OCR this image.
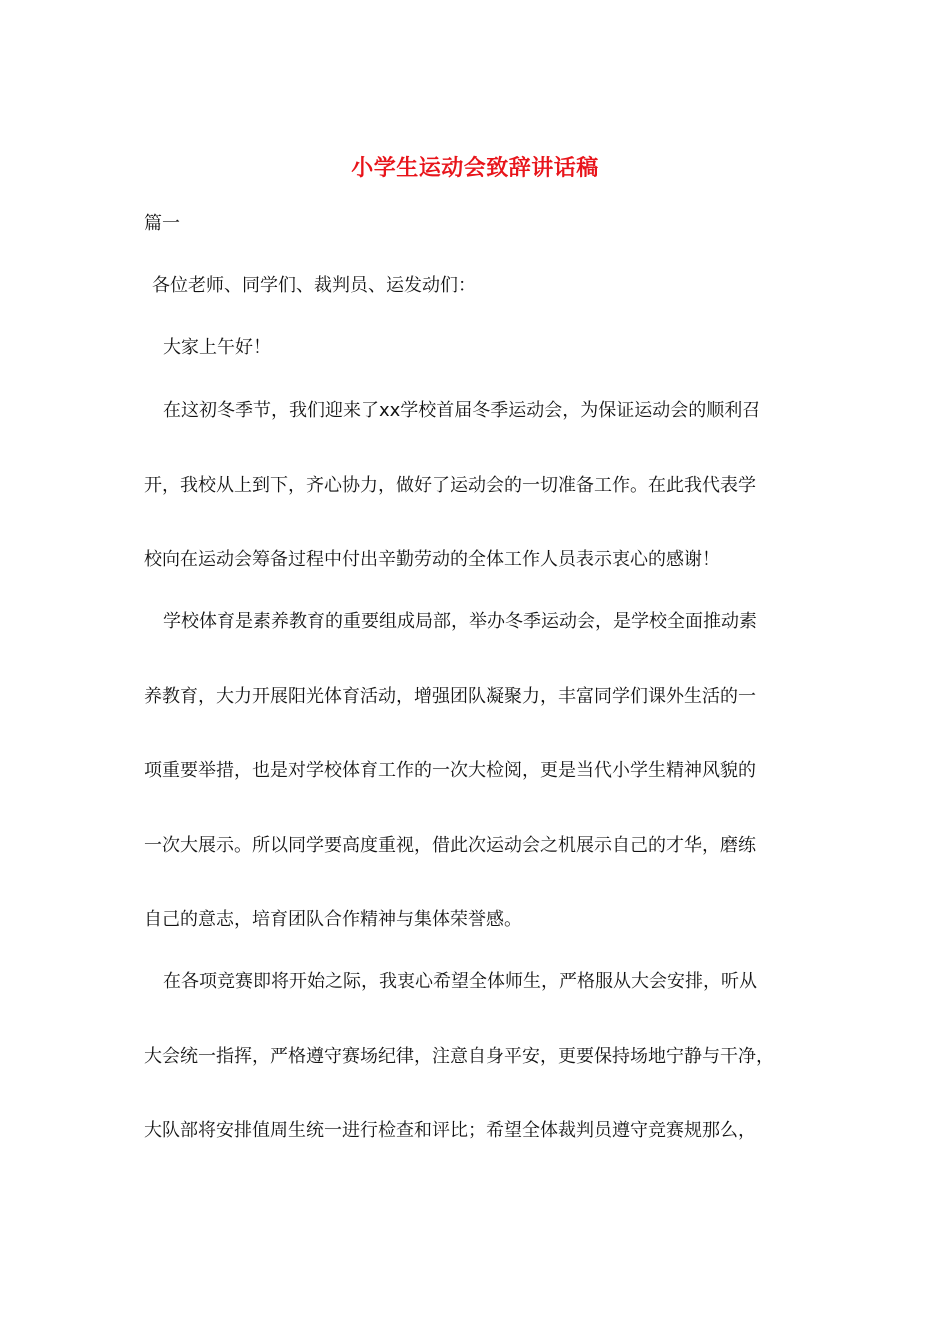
小学生运动会致辞讲话稿
篇一
各位老师、同学们、裁判员、运发动们：
大家上午好！
在这初冬季节，我们迎来了xx学校首届冬季运动会，为保证运动会的顺利召
开，我校从上到下，齐心协力，做好了运动会的一切准备工作。在此我代表学
校向在运动会筹备过程中付出辛勤劳动的全体工作人员表示衷心的感谢！
学校体育是素养教育的重要组成局部，举办冬季运动会，是学校全面推动素
养教育，大力开展阳光体育活动，增强团队凝聚力，丰富同学们课外生活的一
项重要举措，也是对学校体育工作的一次大检阅，更是当代小学生精神风貌的
一次大展示。所以同学要高度重视，借此次运动会之机展示自己的才华，磨练
自己的意志，培育团队合作精神与集体荣誉感。
在各项竞赛即将开始之际，我衷心希望全体师生，严格服从大会安排，听从
大会统一指挥，严格遵守赛场纪律，注意自身平安，更要保持场地宁静与干净，
大队部将安排值周生统一进行检查和评比；希望全体裁判员遵守竞赛规那么，
